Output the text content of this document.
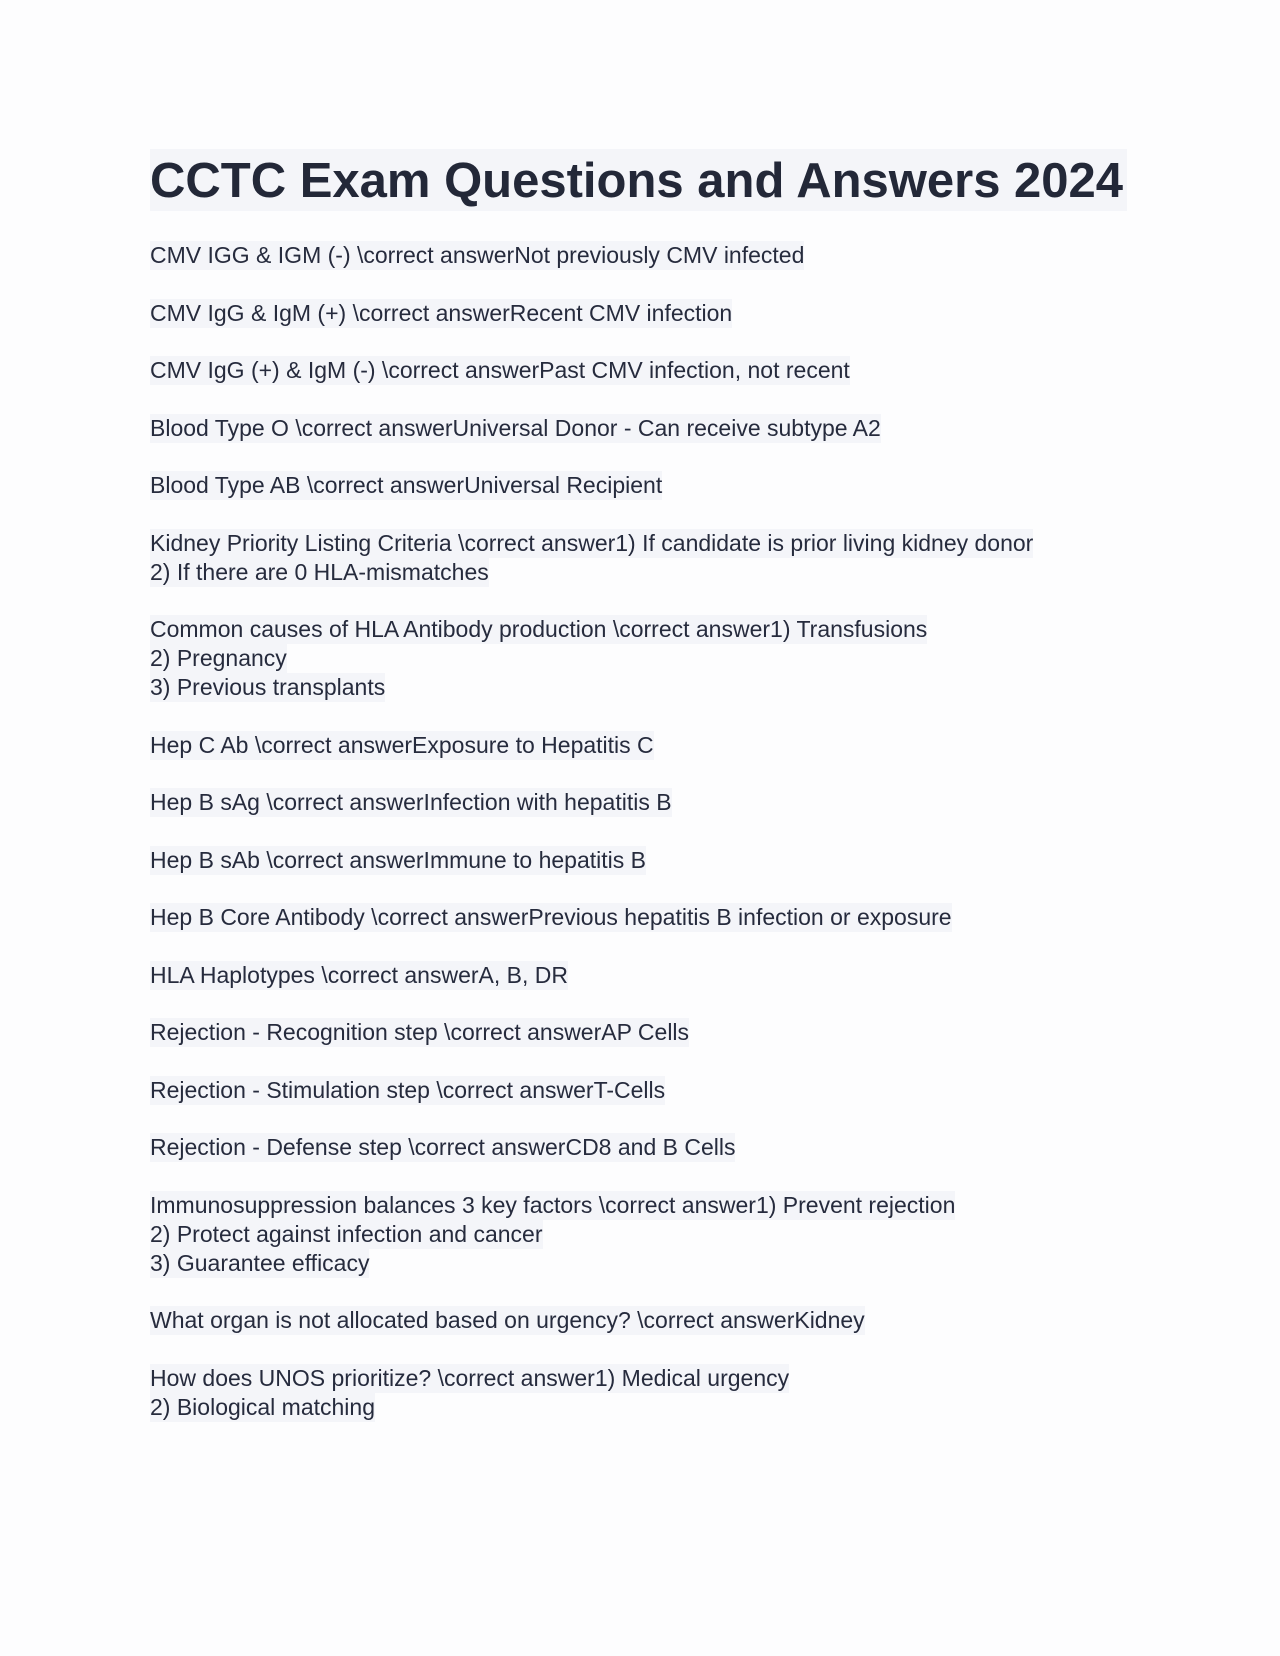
CCTC Exam Questions and Answers 2024
CMV IGG & IGM (-) \correct answerNot previously CMV infected
CMV IgG & IgM (+) \correct answerRecent CMV infection
CMV IgG (+) & IgM (-) \correct answerPast CMV infection, not recent
Blood Type O \correct answerUniversal Donor - Can receive subtype A2
Blood Type AB \correct answerUniversal Recipient
Kidney Priority Listing Criteria \correct answer1) If candidate is prior living kidney donor
2) If there are 0 HLA-mismatches
Common causes of HLA Antibody production \correct answer1) Transfusions
2) Pregnancy
3) Previous transplants
Hep C Ab \correct answerExposure to Hepatitis C
Hep B sAg \correct answerInfection with hepatitis B
Hep B sAb \correct answerImmune to hepatitis B
Hep B Core Antibody \correct answerPrevious hepatitis B infection or exposure
HLA Haplotypes \correct answerA, B, DR
Rejection - Recognition step \correct answerAP Cells
Rejection - Stimulation step \correct answerT-Cells
Rejection - Defense step \correct answerCD8 and B Cells
Immunosuppression balances 3 key factors \correct answer1) Prevent rejection
2) Protect against infection and cancer
3) Guarantee efficacy
What organ is not allocated based on urgency? \correct answerKidney
How does UNOS prioritize? \correct answer1) Medical urgency
2) Biological matching
